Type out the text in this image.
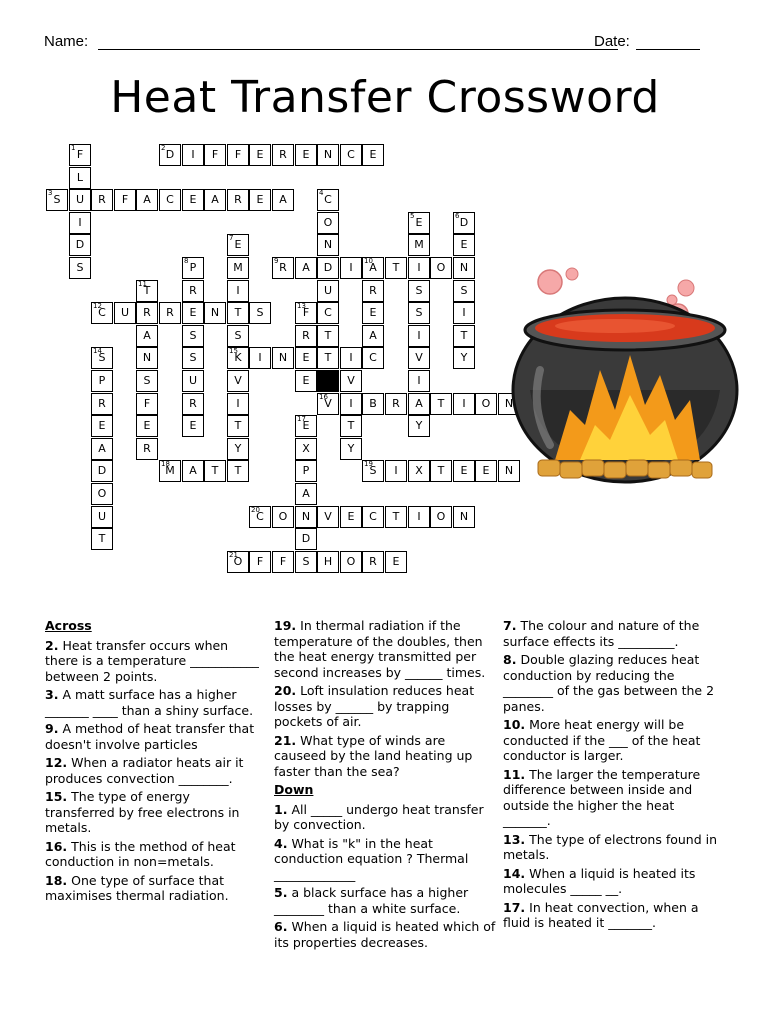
Name:	Date:
Heat Transfer Crossword
1 F	2 D	I	F	F	E	R	E	N	C	E
L
3 S	U	R	F	A	C	E	A	R	E	A	4 C
I	O	5 E	6 D
D	7 E	N	M	E
S	8 P	M	9 R	A	D	I	10
A	T	I	O	N
11
T	R	I	U	R	S	S
12
C	U	R	R	E	N	T	S	13
F	C	E	S	I
A	S	S	R	T	A	I	T
14
S	N	S	15
K	I	N	E	T	I	C	V	Y
P	S	U	V	E	V	I
R	F	R	I	16
V	I	B	R	A	T	I	O	N
E	E	E	T	17
E	T	Y
A	R	Y	X	Y
D	18
M	A	T	T	P	19
S	I	X	T	E	E	N
O	A
U	20
C	O	N	V	E	C	T	I	O	N
T	D
21
O	F	F	S	H	O	R	E
Across
2. Heat transfer occurs when there is a temperature ___________ between 2 points.
3. A matt surface has a higher _______ ____ than a shiny surface.
9. A method of heat transfer that doesn't involve particles
12. When a radiator heats air it produces convection ________.
15. The type of energy transferred by free electrons in metals.
16. This is the method of heat conduction in non=metals.
18. One type of surface that maximises thermal radiation.
19. In thermal radiation if the temperature of the doubles, then the heat energy transmitted per second increases by ______ times.
20. Loft insulation reduces heat losses by ______ by trapping pockets of air.
21. What type of winds are causeed by the land heating up faster than the sea?
Down
1. All _____ undergo heat transfer by convection.
4. What is "k" in the heat conduction equation ? Thermal _____________
5. a black surface has a higher ________ than a white surface.
6. When a liquid is heated which of its properties decreases.
7. The colour and nature of the surface effects its _________.
8. Double glazing reduces heat conduction by reducing the ________ of the gas between the 2 panes.
10. More heat energy will be conducted if the ___ of the heat conductor is larger.
11. The larger the temperature difference between inside and outside the higher the heat _______.
13. The type of electrons found in metals.
14. When a liquid is heated its molecules _____ __.
17. In heat convection, when a fluid is heated it _______.
